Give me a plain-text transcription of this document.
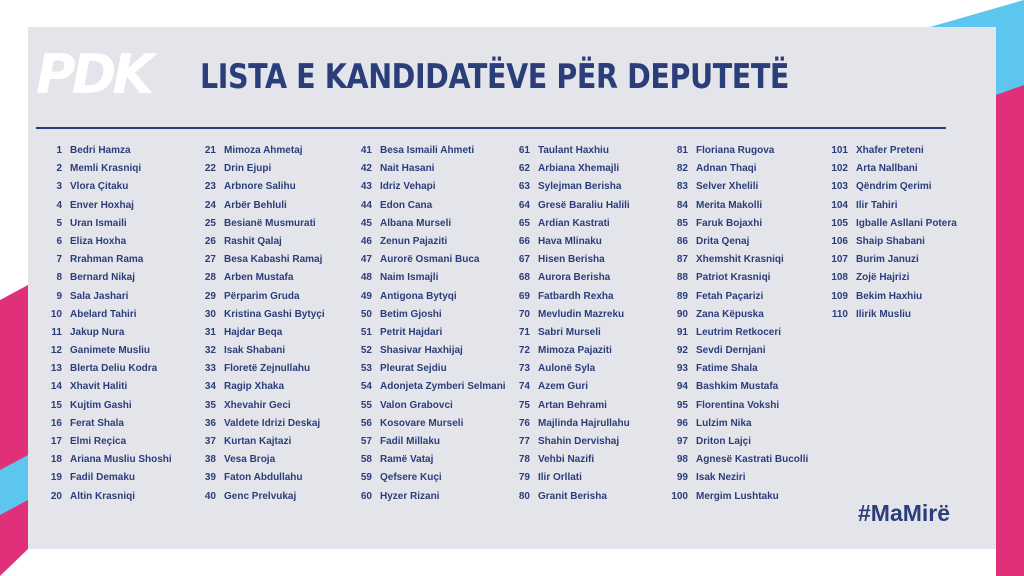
PDK LISTA E KANDIDATËVE PËR DEPUTETË
1 Bedri Hamza
2 Memli Krasniqi
3 Vlora Çitaku
4 Enver Hoxhaj
5 Uran Ismaili
6 Eliza Hoxha
7 Rrahman Rama
8 Bernard Nikaj
9 Sala Jashari
10 Abelard Tahiri
11 Jakup Nura
12 Ganimete Musliu
13 Blerta Deliu Kodra
14 Xhavit Haliti
15 Kujtim Gashi
16 Ferat Shala
17 Elmi Reçica
18 Ariana Musliu Shoshi
19 Fadil Demaku
20 Altin Krasniqi
21 Mimoza Ahmetaj
22 Drin Ejupi
23 Arbnore Salihu
24 Arbër Behluli
25 Besianë Musmurati
26 Rashit Qalaj
27 Besa Kabashi Ramaj
28 Arben Mustafa
29 Përparim Gruda
30 Kristina Gashi Bytyçi
31 Hajdar Beqa
32 Isak Shabani
33 Floretë Zejnullahu
34 Ragip Xhaka
35 Xhevahir Geci
36 Valdete Idrizi Deskaj
37 Kurtan Kajtazi
38 Vesa Broja
39 Faton Abdullahu
40 Genc Prelvukaj
41 Besa Ismaili Ahmeti
42 Nait Hasani
43 Idriz Vehapi
44 Edon Cana
45 Albana Murseli
46 Zenun Pajaziti
47 Aurorë Osmani Buca
48 Naim Ismajli
49 Antigona Bytyqi
50 Betim Gjoshi
51 Petrit Hajdari
52 Shasivar Haxhijaj
53 Pleurat Sejdiu
54 Adonjeta Zymberi Selmani
55 Valon Grabovci
56 Kosovare Murseli
57 Fadil Millaku
58 Ramë Vataj
59 Qefsere Kuçi
60 Hyzer Rizani
61 Taulant Haxhiu
62 Arbiana Xhemajli
63 Sylejman Berisha
64 Gresë Baraliu Halili
65 Ardian Kastrati
66 Hava Mlinaku
67 Hisen Berisha
68 Aurora Berisha
69 Fatbardh Rexha
70 Mevludin Mazreku
71 Sabri Murseli
72 Mimoza Pajaziti
73 Aulonë Syla
74 Azem Guri
75 Artan Behrami
76 Majlinda Hajrullahu
77 Shahin Dervishaj
78 Vehbi Nazifi
79 Ilir Orllati
80 Granit Berisha
81 Floriana Rugova
82 Adnan Thaqi
83 Selver Xhelili
84 Merita Makolli
85 Faruk Bojaxhi
86 Drita Qenaj
87 Xhemshit Krasniqi
88 Patriot Krasniqi
89 Fetah Paçarizi
90 Zana Këpuska
91 Leutrim Retkoceri
92 Sevdi Dernjani
93 Fatime Shala
94 Bashkim Mustafa
95 Florentina Vokshi
96 Lulzim Nika
97 Driton Lajçi
98 Agnesë Kastrati Bucolli
99 Isak Neziri
100 Mergim Lushtaku
101 Xhafer Preteni
102 Arta Nallbani
103 Qëndrim Qerimi
104 Ilir Tahiri
105 Igballe Asllani Potera
106 Shaip Shabani
107 Burim Januzi
108 Zojë Hajrizi
109 Bekim Haxhiu
110 Ilirik Musliu
#MaMirë
